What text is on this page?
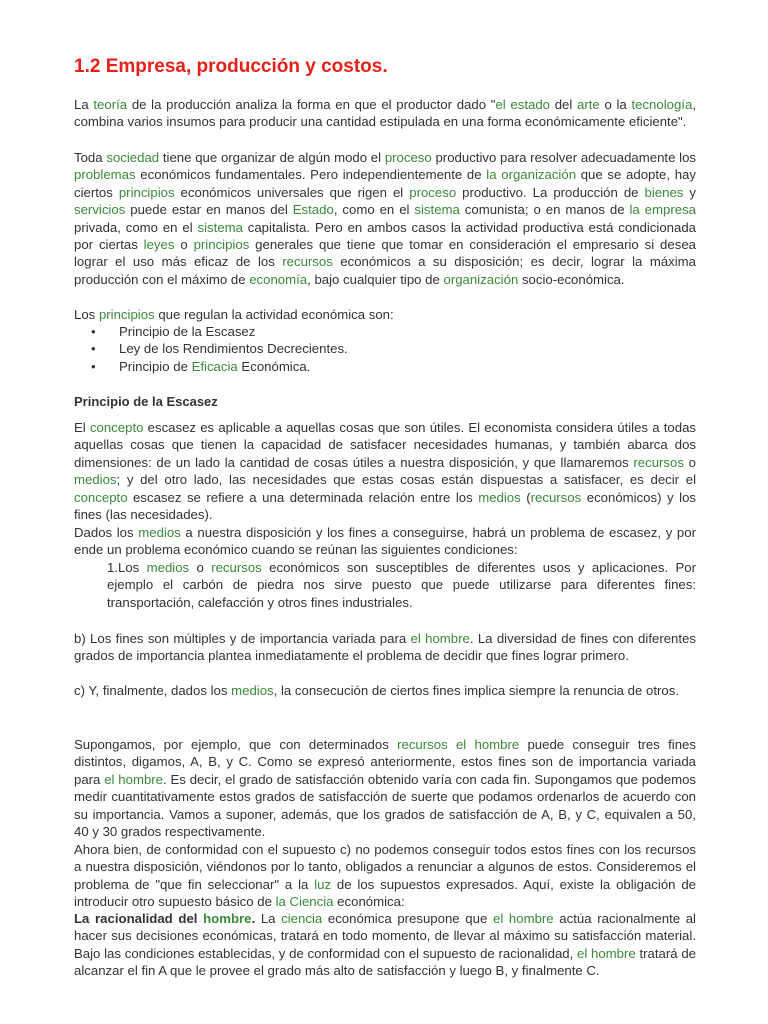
1.2 Empresa, producción y costos.

La teoría de la producción analiza la forma en que el productor dado "el estado del arte o la tecnología, combina varios insumos para producir una cantidad estipulada en una forma económicamente eficiente".

Toda sociedad tiene que organizar de algún modo el proceso productivo para resolver adecuadamente los problemas económicos fundamentales. Pero independientemente de la organización que se adopte, hay ciertos principios económicos universales que rigen el proceso productivo. La producción de bienes y servicios puede estar en manos del Estado, como en el sistema comunista; o en manos de la empresa privada, como en el sistema capitalista. Pero en ambos casos la actividad productiva está condicionada por ciertas leyes o principios generales que tiene que tomar en consideración el empresario si desea lograr el uso más eficaz de los recursos económicos a su disposición; es decir, lograr la máxima producción con el máximo de economía, bajo cualquier tipo de organización socio-económica.

Los principios que regulan la actividad económica son:

• Principio de la Escasez
• Ley de los Rendimientos Decrecientes.
• Principio de Eficacia Económica.
Principio de la Escasez

El concepto escasez es aplicable a aquellas cosas que son útiles. El economista considera útiles a todas aquellas cosas que tienen la capacidad de satisfacer necesidades humanas, y también abarca dos dimensiones: de un lado la cantidad de cosas útiles a nuestra disposición, y que llamaremos recursos o medios; y del otro lado, las necesidades que estas cosas están dispuestas a satisfacer, es decir el concepto escasez se refiere a una determinada relación entre los medios (recursos económicos) y los fines (las necesidades).

Dados los medios a nuestra disposición y los fines a conseguirse, habrá un problema de escasez, y por ende un problema económico cuando se reúnan las siguientes condiciones:

1.Los medios o recursos económicos son susceptibles de diferentes usos y aplicaciones. Por ejemplo el carbón de piedra nos sirve puesto que puede utilizarse para diferentes fines: transportación, calefacción y otros fines industriales.

b) Los fines son múltiples y de importancia variada para el hombre. La diversidad de fines con diferentes grados de importancia plantea inmediatamente el problema de decidir que fines lograr primero.

c) Y, finalmente, dados los medios, la consecución de ciertos fines implica siempre la renuncia de otros.

Supongamos, por ejemplo, que con determinados recursos el hombre puede conseguir tres fines distintos, digamos, A, B, y C. Como se expresó anteriormente, estos fines son de importancia variada para el hombre. Es decir, el grado de satisfacción obtenido varía con cada fin. Supongamos que podemos medir cuantitativamente estos grados de satisfacción de suerte que podamos ordenarlos de acuerdo con su importancia. Vamos a suponer, además, que los grados de satisfacción de A, B, y C, equivalen a 50, 40 y 30 grados respectivamente.

Ahora bien, de conformidad con el supuesto c) no podemos conseguir todos estos fines con los recursos a nuestra disposición, viéndonos por lo tanto, obligados a renunciar a algunos de estos. Consideremos el problema de "que fin seleccionar" a la luz de los supuestos expresados. Aquí, existe la obligación de introducir otro supuesto básico de la Ciencia económica:

La racionalidad del hombre. La ciencia económica presupone que el hombre actúa racionalmente al hacer sus decisiones económicas, tratará en todo momento, de llevar al máximo su satisfacción material. Bajo las condiciones establecidas, y de conformidad con el supuesto de racionalidad, el hombre tratará de alcanzar el fin A que le provee el grado más alto de satisfacción y luego B, y finalmente C.
